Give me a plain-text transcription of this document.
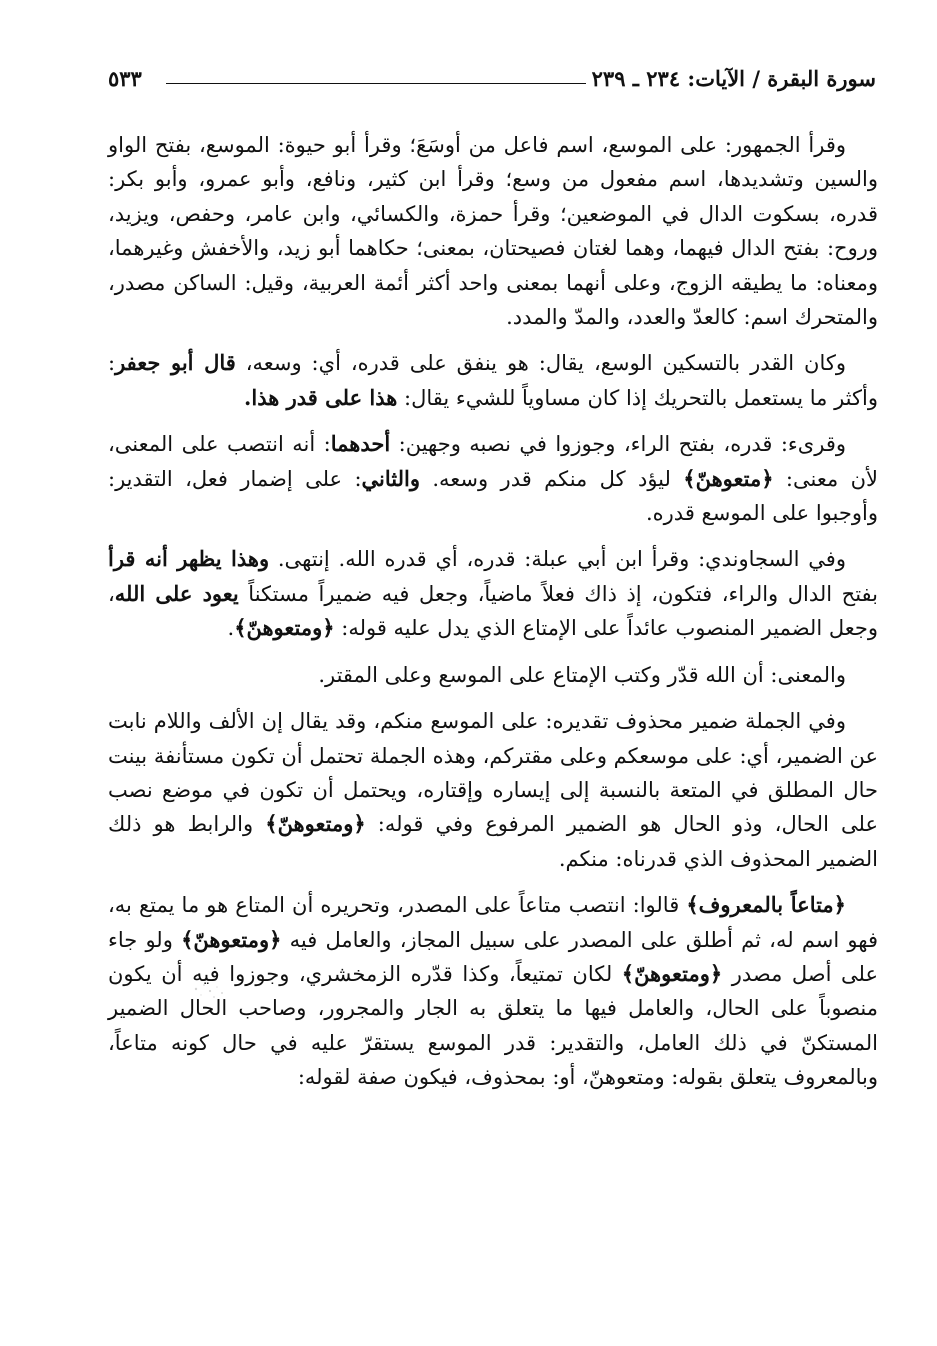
سورة البقرة / الآيات: ٢٣٤ ـ ٢٣٩
٥٣٣

وقرأ الجمهور: على الموسع، اسم فاعل من أوسَعَ؛ وقرأ أبو حيوة: الموسع، بفتح الواو والسين وتشديدها، اسم مفعول من وسع؛ وقرأ ابن كثير، ونافع، وأبو عمرو، وأبو بكر: قدره، بسكوت الدال في الموضعين؛ وقرأ حمزة، والكسائي، وابن عامر، وحفص، ويزيد، وروح: بفتح الدال فيهما، وهما لغتان فصيحتان، بمعنى؛ حكاهما أبو زيد، والأخفش وغيرهما، ومعناه: ما يطيقه الزوج، وعلى أنهما بمعنى واحد أكثر أئمة العربية، وقيل: الساكن مصدر، والمتحرك اسم: كالعدّ والعدد، والمدّ والمدد.

وكان القدر بالتسكين الوسع، يقال: هو ينفق على قدره، أي: وسعه، قال أبو جعفر: وأكثر ما يستعمل بالتحريك إذا كان مساوياً للشيء يقال: هذا على قدر هذا.

وقرىء: قدره، بفتح الراء، وجوزوا في نصبه وجهين: أحدهما: أنه انتصب على المعنى، لأن معنى: ﴿متعوهنّ﴾ ليؤد كل منكم قدر وسعه. والثاني: على إضمار فعل، التقدير: وأوجبوا على الموسع قدره.

وفي السجاوندي: وقرأ ابن أبي عبلة: قدره، أي قدره الله. إنتهى. وهذا يظهر أنه قرأ بفتح الدال والراء، فتكون، إذ ذاك فعلاً ماضياً، وجعل فيه ضميراً مستكناً يعود على الله، وجعل الضمير المنصوب عائداً على الإمتاع الذي يدل عليه قوله: ﴿ومتعوهنّ﴾.

والمعنى: أن الله قدّر وكتب الإمتاع على الموسع وعلى المقتر.

وفي الجملة ضمير محذوف تقديره: على الموسع منكم، وقد يقال إن الألف واللام نابت عن الضمير، أي: على موسعكم وعلى مقتركم، وهذه الجملة تحتمل أن تكون مستأنفة بينت حال المطلق في المتعة بالنسبة إلى إيساره وإقتاره، ويحتمل أن تكون في موضع نصب على الحال، وذو الحال هو الضمير المرفوع وفي قوله: ﴿ومتعوهنّ﴾ والرابط هو ذلك الضمير المحذوف الذي قدرناه: منكم.

﴿متاعاً بالمعروف﴾ قالوا: انتصب متاعاً على المصدر، وتحريره أن المتاع هو ما يمتع به، فهو اسم له، ثم أطلق على المصدر على سبيل المجاز، والعامل فيه ﴿ومتعوهنّ﴾ ولو جاء على أصل مصدر ﴿ومتعوهنّ﴾ لكان تمتيعاً، وكذا قدّره الزمخشري، وجوزوا فيه أن يكون منصوباً على الحال، والعامل فيها ما يتعلق به الجار والمجرور، وصاحب الحال الضمير المستكنّ في ذلك العامل، والتقدير: قدر الموسع يستقرّ عليه في حال كونه متاعاً، وبالمعروف يتعلق بقوله: ومتعوهنّ، أو: بمحذوف، فيكون صفة لقوله:
